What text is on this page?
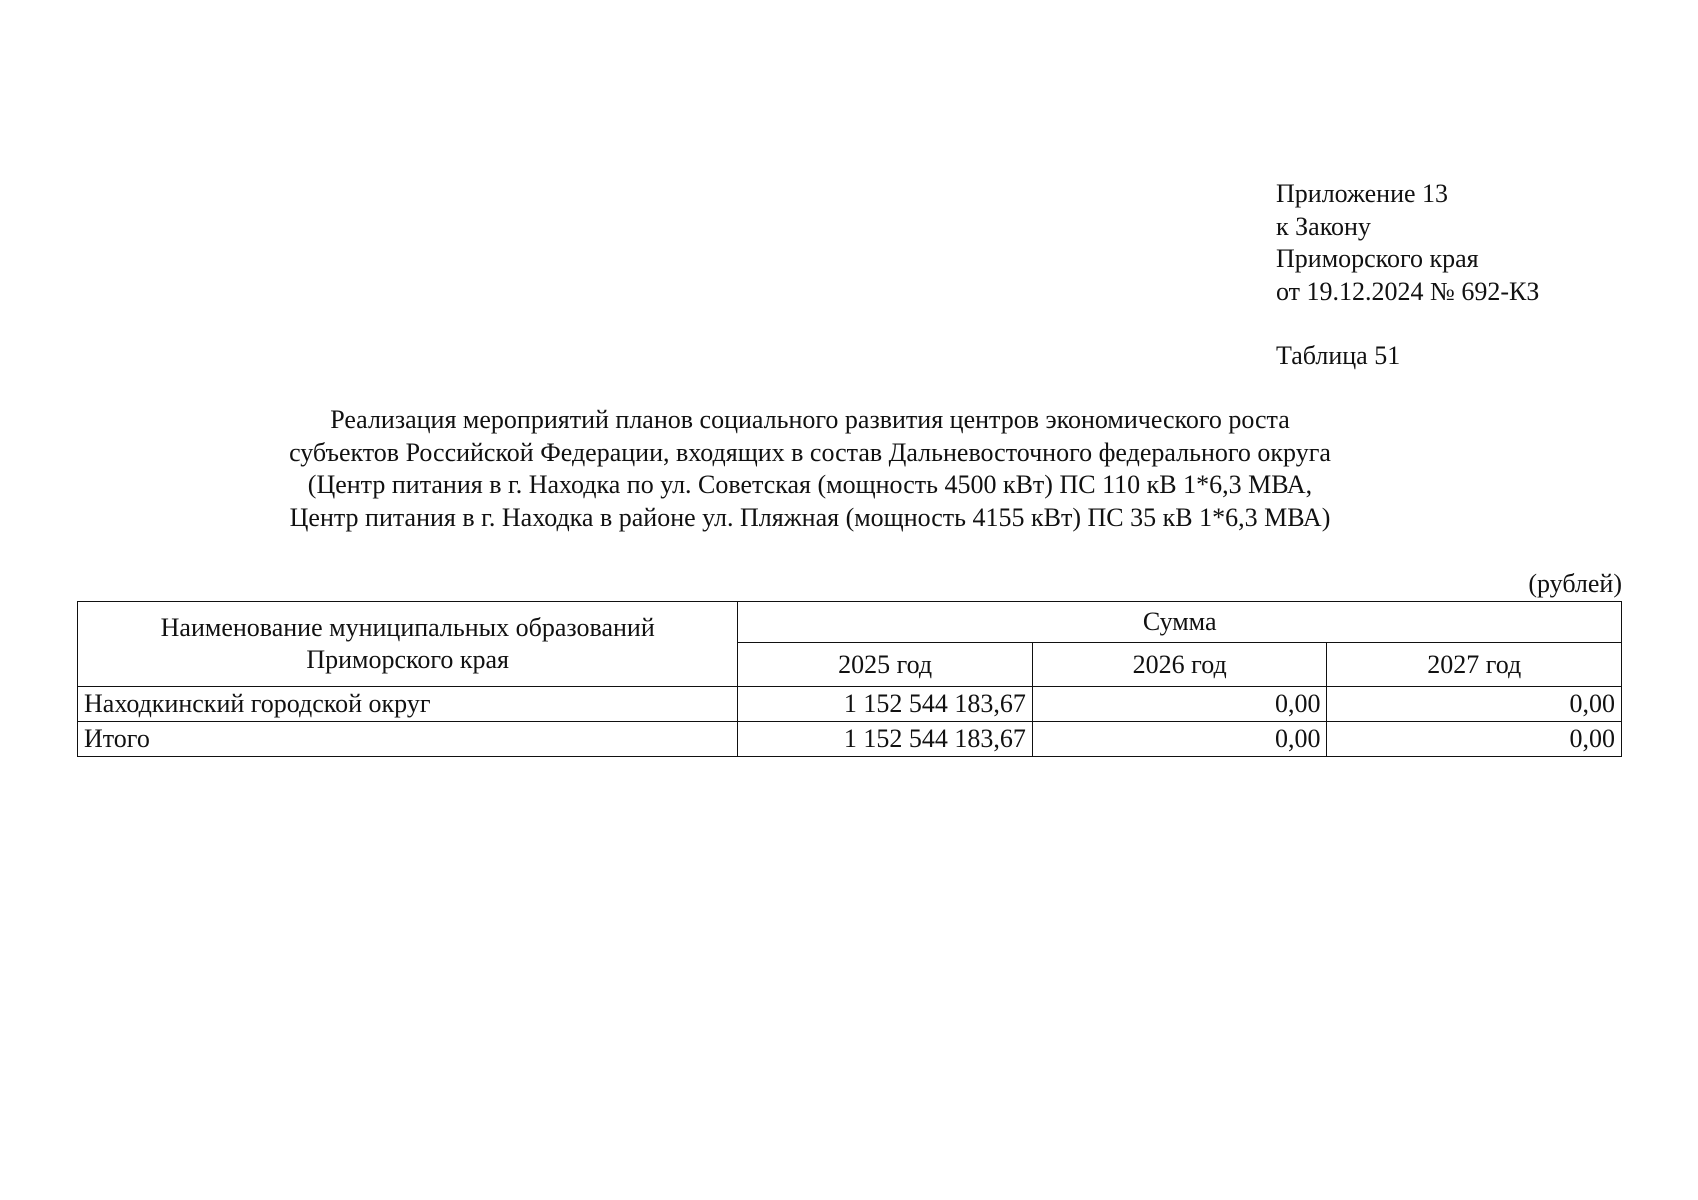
Приложение 13
к Закону
Приморского края
от 19.12.2024 № 692-КЗ
Таблица 51
Реализация мероприятий планов социального развития центров экономического роста
субъектов Российской Федерации, входящих в состав Дальневосточного федерального округа
(Центр питания в г. Находка по ул. Советская (мощность 4500 кВт) ПС 110 кВ 1*6,3 МВА,
Центр питания в г. Находка в районе ул. Пляжная (мощность 4155 кВт) ПС 35 кВ 1*6,3 МВА)
(рублей)
Наименование муниципальных образований
Приморского края	Сумма		
	2025 год	2026 год	2027 год
Находкинский городской округ	1 152 544 183,67	0,00	0,00
Итого	1 152 544 183,67	0,00	0,00
